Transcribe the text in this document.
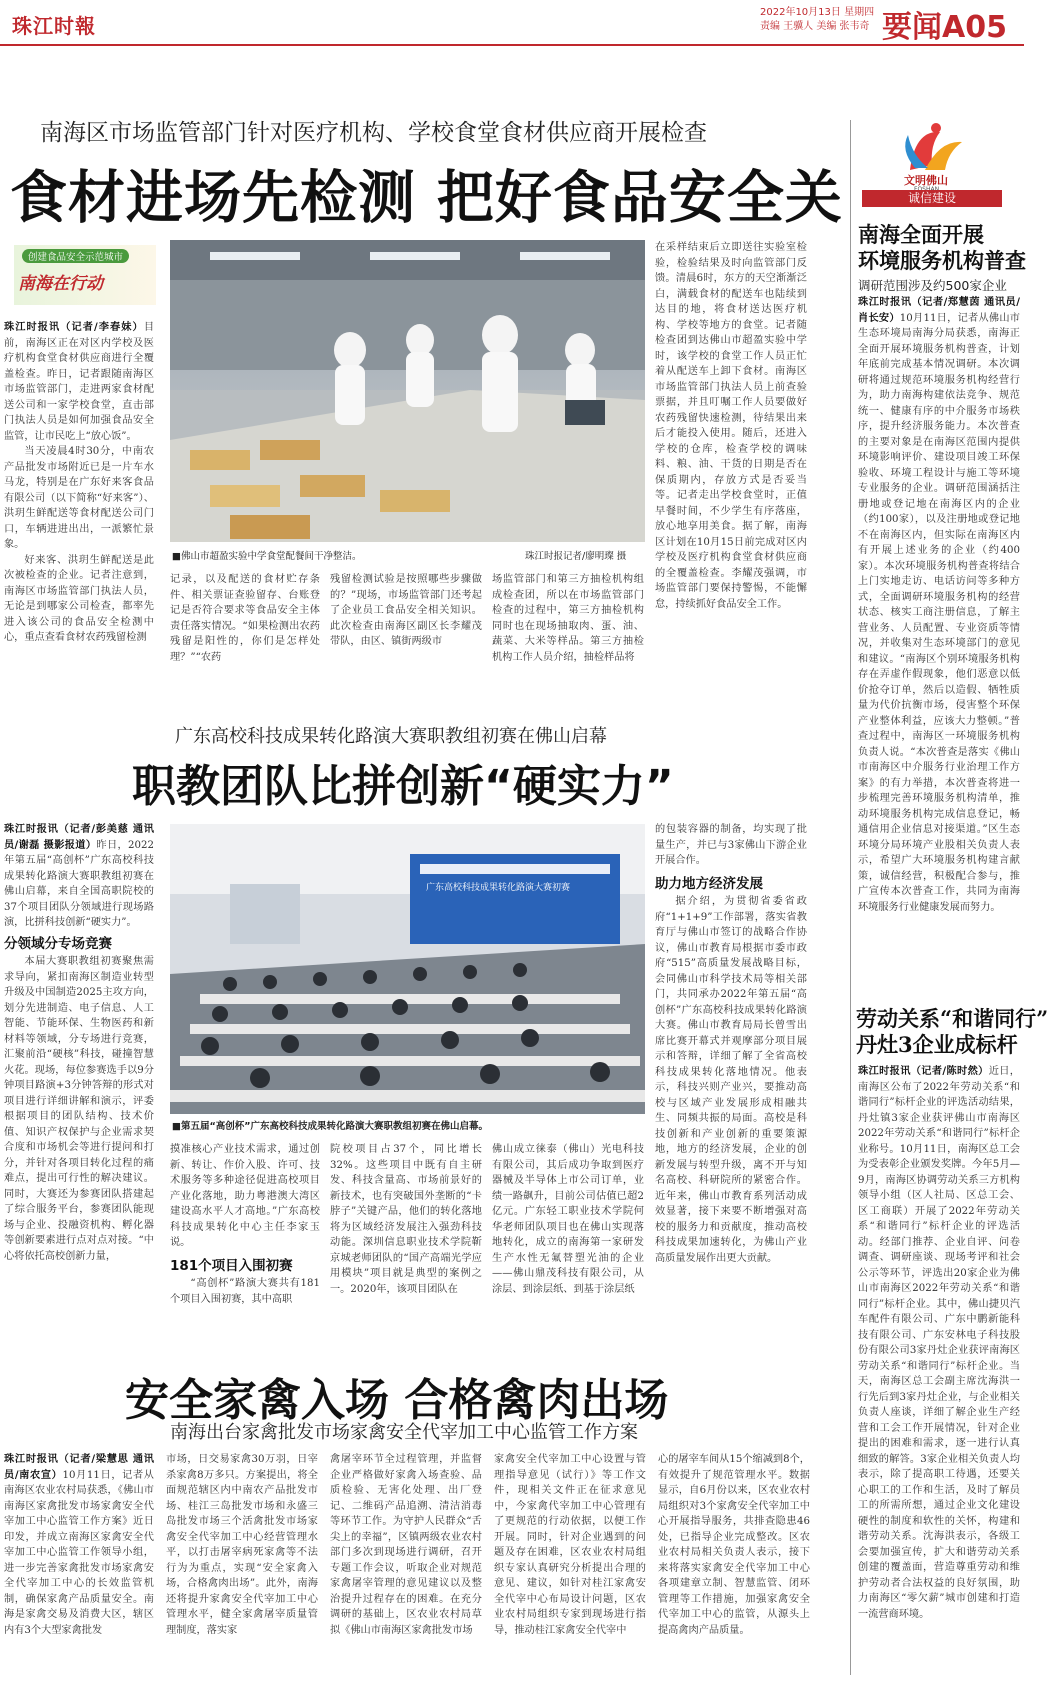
珠江时報
2022年10月13日 星期四
责编 王骥人 美编 张韦奇 要闻A05
南海区市场监管部门针对医疗机构、学校食堂食材供应商开展检查
食材进场先检测 把好食品安全关
创建食品安全示范城市
南海在行动

珠江时报讯（记者/李春妹）目前，南海区正在对区内学校及医疗机构食堂食材供应商进行全覆盖检查。昨日，记者跟随南海区市场监管部门，走进两家食材配送公司和一家学校食堂，直击部门执法人员是如何加强食品安全监管，让市民吃上“放心饭”。

当天凌晨4时30分，中南农产品批发市场附近已是一片车水马龙，特别是在广东好来客食品有限公司（以下简称“好来客”）、洪玥生鲜配送等食材配送公司门口，车辆进进出出，一派繁忙景象。

好来客、洪玥生鲜配送是此次被检查的企业。记者注意到，南海区市场监管部门执法人员，无论是到哪家公司检查，都率先进入该公司的食品安全检测中心，重点查看食材农药残留检测

■佛山市超盈实验中学食堂配餐间干净整洁。	珠江时报记者/廖明璨 摄

记录，以及配送的食材贮存条件、相关票证查验留存、台账登记是否符合要求等食品安全主体责任落实情况。“如果检测出农药残留是阳性的，你们是怎样处理？”“农药

残留检测试验是按照哪些步骤做的？”现场，市场监管部门还考起了企业员工食品安全相关知识。此次检查由南海区副区长李耀茂带队，由区、镇街两级市

场监管部门和第三方抽检机构组成检查团，所以在市场监管部门检查的过程中，第三方抽检机构同时也在现场抽取肉、蛋、油、蔬菜、大米等样品。第三方抽检机构工作人员介绍，抽检样品将

在采样结束后立即送往实验室检验，检验结果及时向监管部门反馈。清晨6时，东方的天空渐渐泛白，满载食材的配送车也陆续到达目的地，将食材送达医疗机构、学校等地方的食堂。记者随检查团到达佛山市超盈实验中学时，该学校的食堂工作人员正忙着从配送车上卸下食材。南海区市场监管部门执法人员上前查验票据，并且叮嘱工作人员要做好农药残留快速检测，待结果出来后才能投入使用。随后，还进入学校的仓库，检查学校的调味料、粮、油、干货的日期是否在保质期内，存放方式是否妥当等。记者走出学校食堂时，正值早餐时间，不少学生有序落座，放心地享用美食。据了解，南海区计划在10月15日前完成对区内学校及医疗机构食堂食材供应商的全覆盖检查。李耀茂强调，市场监管部门要保持警惕，不能懈怠，持续抓好食品安全工作。

文明佛山
诚信建设
南海全面开展
环境服务机构普查
调研范围涉及约500家企业

珠江时报讯（记者/郑慧茵 通讯员/肖长安）10月11日，记者从佛山市生态环境局南海分局获悉，南海正全面开展环境服务机构普查，计划年底前完成基本情况调研。本次调研将通过规范环境服务机构经营行为，助力南海构建依法竞争、规范统一、健康有序的中介服务市场秩序，提升经济服务能力。本次普查的主要对象是在南海区范围内提供环境影响评价、建设项目竣工环保验收、环境工程设计与施工等环境专业服务的企业。调研范围涵括注册地或登记地在南海区内的企业（约100家），以及注册地或登记地不在南海区内，但实际在南海区内有开展上述业务的企业（约400家）。本次环境服务机构普查将结合上门实地走访、电话访问等多种方式，全面调研环境服务机构的经营状态、核实工商注册信息，了解主营业务、人员配置、专业资质等情况，并收集对生态环境部门的意见和建议。“南海区个别环境服务机构存在弄虚作假现象，他们恶意以低价抢夺订单，然后以造假、牺牲质量为代价抗衡市场，侵害整个环保产业整体利益，应该大力整顿。”普查过程中，南海区一环境服务机构负责人说。“本次普查是落实《佛山市南海区中介服务行业治理工作方案》的有力举措，本次普查将进一步梳理完善环境服务机构清单，推动环境服务机构完成信息登记，畅通信用企业信息对接渠道。”区生态环境分局环境产业股相关负责人表示，希望广大环境服务机构建言献策，诚信经营，积极配合参与，推广宣传本次普查工作，共同为南海环境服务行业健康发展而努力。

劳动关系“和谐同行”
丹灶3企业成标杆

珠江时报讯（记者/陈时然）近日，南海区公布了2022年劳动关系“和谐同行”标杆企业的评选活动结果，丹灶镇3家企业获评佛山市南海区2022年劳动关系“和谐同行”标杆企业称号。10月11日，南海区总工会为受表彰企业颁发奖牌。今年5月—9月，南海区协调劳动关系三方机构领导小组（区人社局、区总工会、区工商联）开展了2022年劳动关系“和谐同行”标杆企业的评选活动。经部门推荐、企业自评、问卷调查、调研座谈、现场考评和社会公示等环节，评选出20家企业为佛山市南海区2022年劳动关系“和谐同行”标杆企业。其中，佛山捷贝汽车配件有限公司、广东中鹏新能科技有限公司、广东安林电子科技股份有限公司3家丹灶企业获评南海区劳动关系“和谐同行”标杆企业。当天，南海区总工会副主席沈海洪一行先后到3家丹灶企业，与企业相关负责人座谈，详细了解企业生产经营和工会工作开展情况，针对企业提出的困难和需求，逐一进行认真细致的解答。3家企业相关负责人均表示，除了提高职工待遇，还要关心职工的工作和生活，及时了解员工的所需所想，通过企业文化建设硬性的制度和软性的关怀，构建和谐劳动关系。沈海洪表示，各级工会要加强宣传，扩大和谐劳动关系创建的覆盖面，营造尊重劳动和维护劳动者合法权益的良好氛围，助力南海区“零欠薪”城市创建和打造一流营商环境。

广东高校科技成果转化路演大赛职教组初赛在佛山启幕
职教团队比拼创新“硬实力”

珠江时报讯（记者/彭美慈 通讯员/谢磊 摄影报道）昨日，2022年第五届“高创杯”广东高校科技成果转化路演大赛职教组初赛在佛山启幕，来自全国高职院校的37个项目团队分领域进行现场路演，比拼科技创新“硬实力”。

分领域分专场竞赛

本届大赛职教组初赛聚焦需求导向，紧扣南海区制造业转型升级及中国制造2025主攻方向，划分先进制造、电子信息、人工智能、节能环保、生物医药和新材料等领域，分专场进行竞赛，汇聚前沿“硬核”科技，碰撞智慧火花。现场，每位参赛选手以9分钟项目路演+3分钟答辩的形式对项目进行详细讲解和演示，评委根据项目的团队结构、技术价值、知识产权保护与企业需求契合度和市场机会等进行提问和打分，并针对各项目转化过程的痛难点，提出可行性的解决建议。同时，大赛还为参赛团队搭建起了综合服务平台，参赛团队能现场与企业、投融资机构、孵化器等创新要素进行点对点对接。“中心将依托高校创新力量，

广东高校科技成果转化路演大赛初赛
■第五届“高创杯”广东高校科技成果转化路演大赛职教组初赛在佛山启幕。

摸准核心产业技术需求，通过创新、转让、作价入股、许可、技术服务等多种途径促进高校项目产业化落地，助力粤港澳大湾区建设高水平人才高地。”广东高校科技成果转化中心主任李家玉说。

181个项目入围初赛

“高创杯”路演大赛共有181个项目入围初赛，其中高职

院校项目占37个，同比增长32%。这些项目中既有自主研发、科技含量高、市场前景好的新技术，也有突破国外垄断的“卡脖子”关键产品，他们的转化落地将为区域经济发展注入强劲科技动能。深圳信息职业技术学院靳京城老师团队的“国产高端光学应用模块”项目就是典型的案例之一。2020年，该项目团队在

佛山成立徕泰（佛山）光电科技有限公司，其后成功争取到医疗器械及半导体上市公司订单，业绩一路飙升，目前公司估值已超2亿元。广东轻工职业技术学院何华老师团队项目也在佛山实现落地转化，成立的南海第一家研发生产水性无氟替塑光油的企业——佛山鼎茂科技有限公司，从涂层、到涂层纸、到基于涂层纸

的包装容器的制备，均实现了批量生产，并已与3家佛山下游企业开展合作。

助力地方经济发展

据介绍，为贯彻省委省政府“1+1+9”工作部署，落实省教育厅与佛山市签订的战略合作协议，佛山市教育局根据市委市政府“515”高质量发展战略目标，会同佛山市科学技术局等相关部门，共同承办2022年第五届“高创杯”广东高校科技成果转化路演大赛。佛山市教育局局长曾雪出席比赛开幕式并观摩部分项目展示和答辩，详细了解了全省高校科技成果转化落地情况。他表示，科技兴则产业兴，要推动高校与区域产业发展形成相融共生、同频共振的局面。高校是科技创新和产业创新的重要策源地，地方的经济发展，企业的创新发展与转型升级，离不开与知名高校、科研院所的紧密合作。近年来，佛山市教育系列活动成效显著，接下来要不断增强对高校的服务力和贡献度，推动高校科技成果加速转化，为佛山产业高质量发展作出更大贡献。

安全家禽入场 合格禽肉出场
南海出台家禽批发市场家禽安全代宰加工中心监管工作方案

珠江时报讯（记者/梁慧思 通讯员/南农宣）10月11日，记者从南海区农业农村局获悉，《佛山市南海区家禽批发市场家禽安全代宰加工中心监管工作方案》近日印发，并成立南海区家禽安全代宰加工中心监管工作领导小组，进一步完善家禽批发市场家禽安全代宰加工中心的长效监管机制，确保家禽产品质量安全。南海是家禽交易及消费大区，辖区内有3个大型家禽批发

市场，日交易家禽30万羽，日宰杀家禽8万多只。方案提出，将全面规范辖区内中南农产品批发市场、桂江三岛批发市场和永盛三岛批发市场三个活禽批发市场家禽安全代宰加工中心经营管理水平，以打击屠宰病死家禽等不法行为为重点，实现“安全家禽入场，合格禽肉出场”。此外，南海还将提升家禽安全代宰加工中心管理水平，健全家禽屠宰质量管理制度，落实家

禽屠宰环节全过程管理，并监督企业严格做好家禽入场查验、品质检验、无害化处理、出厂登记、二维码产品追溯、清洁消毒等环节工作。为守护人民群众“舌尖上的幸福”，区镇两级农业农村部门多次到现场进行调研，召开专题工作会议，听取企业对规范家禽屠宰管理的意见建议以及整治提升过程存在的困难。在充分调研的基础上，区农业农村局草拟《佛山市南海区家禽批发市场

家禽安全代宰加工中心设置与管理指导意见（试行）》等工作文件，现相关文件正在征求意见中，今家禽代宰加工中心管理有了更规范的行动依据，以便工作开展。同时，针对企业遇到的问题及存在困难，区农业农村局组织专家认真研究分析提出合理的意见、建议，如针对桂江家禽安全代宰中心布局设计问题，区农业农村局组织专家到现场进行指导，推动桂江家禽安全代宰中

心的屠宰车间从15个缩减到8个，有效提升了规范管理水平。数据显示，自6月份以来，区农业农村局组织对3个家禽安全代宰加工中心开展指导服务，共排查隐患46处，已指导企业完成整改。区农业农村局相关负责人表示，接下来将落实家禽安全代宰加工中心各项建章立制、智慧监管、闭环管理等工作措施，加强家禽安全代宰加工中心的监管，从源头上提高禽肉产品质量。
